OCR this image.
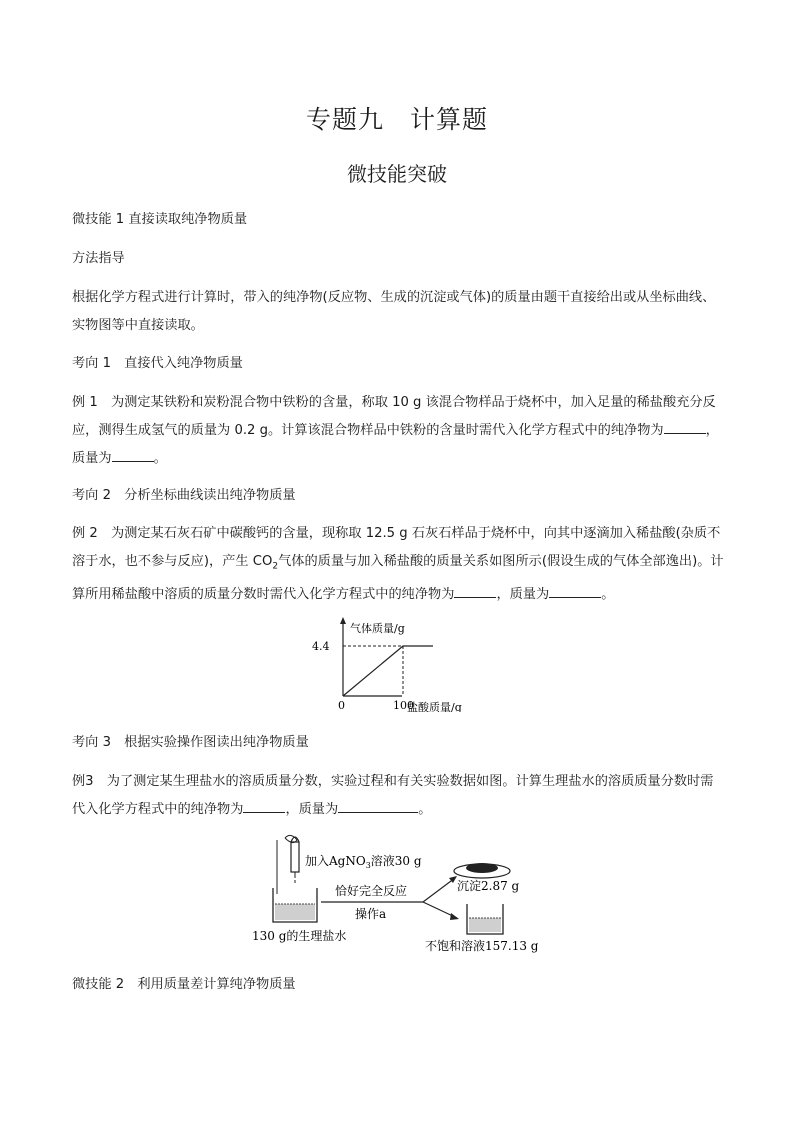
专题九　计算题
微技能突破
微技能 1 直接读取纯净物质量
方法指导
根据化学方程式进行计算时，带入的纯净物(反应物、生成的沉淀或气体)的质量由题干直接给出或从坐标曲线、实物图等中直接读取。
考向 1　直接代入纯净物质量
例 1　为测定某铁粉和炭粉混合物中铁粉的含量，称取 10 g 该混合物样品于烧杯中，加入足量的稀盐酸充分反应，测得生成氢气的质量为 0.2 g。计算该混合物样品中铁粉的含量时需代入化学方程式中的纯净物为	，质量为	。
考向 2　分析坐标曲线读出纯净物质量
例 2　为测定某石灰石矿中碳酸钙的含量，现称取 12.5 g 石灰石样品于烧杯中，向其中逐滴加入稀盐酸(杂质不溶于水，也不参与反应)，产生 $CO_2$气体的质量与加入稀盐酸的质量关系如图所示(假设生成的气体全部逸出)。计算所用稀盐酸中溶质的质量分数时需代入化学方程式中的纯净物为	，质量为	。
气体质量/g
4.4
0	100
盐酸质量/g
考向 3　根据实验操作图读出纯净物质量
例3　为了测定某生理盐水的溶质质量分数，实验过程和有关实验数据如图。计算生理盐水的溶质质量分数时需代入化学方程式中的纯净物为	，质量为	。
加入AgNO$_3$溶液30 g
恰好完全反应
操作a
沉淀2.87 g
不饱和溶液157.13 g
130 g的生理盐水
微技能 2　利用质量差计算纯净物质量
